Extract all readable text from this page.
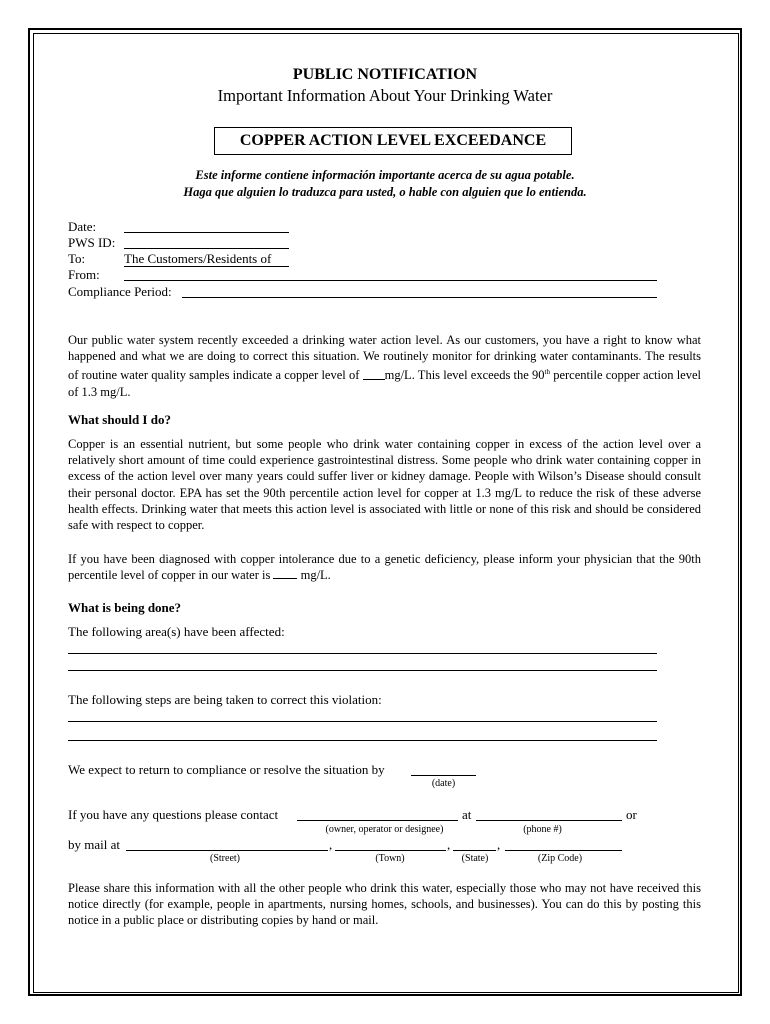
PUBLIC NOTIFICATION
Important Information About Your Drinking Water
COPPER ACTION LEVEL EXCEEDANCE
Este informe contiene información importante acerca de su agua potable.
Haga que alguien lo traduzca para usted, o hable con alguien que lo entienda.
Date:
PWS ID:
To:	The Customers/Residents of
From:
Compliance Period:
Our public water system recently exceeded a drinking water action level. As our customers, you have a right to know what happened and what we are doing to correct this situation. We routinely monitor for drinking water contaminants. The results of routine water quality samples indicate a copper level of mg/L. This level exceeds the 90th percentile copper action level of 1.3 mg/L.
What should I do?
Copper is an essential nutrient, but some people who drink water containing copper in excess of the action level over a relatively short amount of time could experience gastrointestinal distress. Some people who drink water containing copper in excess of the action level over many years could suffer liver or kidney damage. People with Wilson’s Disease should consult their personal doctor. EPA has set the 90th percentile action level for copper at 1.3 mg/L to reduce the risk of these adverse health effects. Drinking water that meets this action level is associated with little or none of this risk and should be considered safe with respect to copper.
If you have been diagnosed with copper intolerance due to a genetic deficiency, please inform your physician that the 90th percentile level of copper in our water is  mg/L.
What is being done?
The following area(s) have been affected:
The following steps are being taken to correct this violation:
We expect to return to compliance or resolve the situation by
(date)
If you have any questions please contact	at	or
(owner, operator or designee)	(phone #)
by mail at	,	,	,
(Street)	(Town)	(State)	(Zip Code)
Please share this information with all the other people who drink this water, especially those who may not have received this notice directly (for example, people in apartments, nursing homes, schools, and businesses). You can do this by posting this notice in a public place or distributing copies by hand or mail.
